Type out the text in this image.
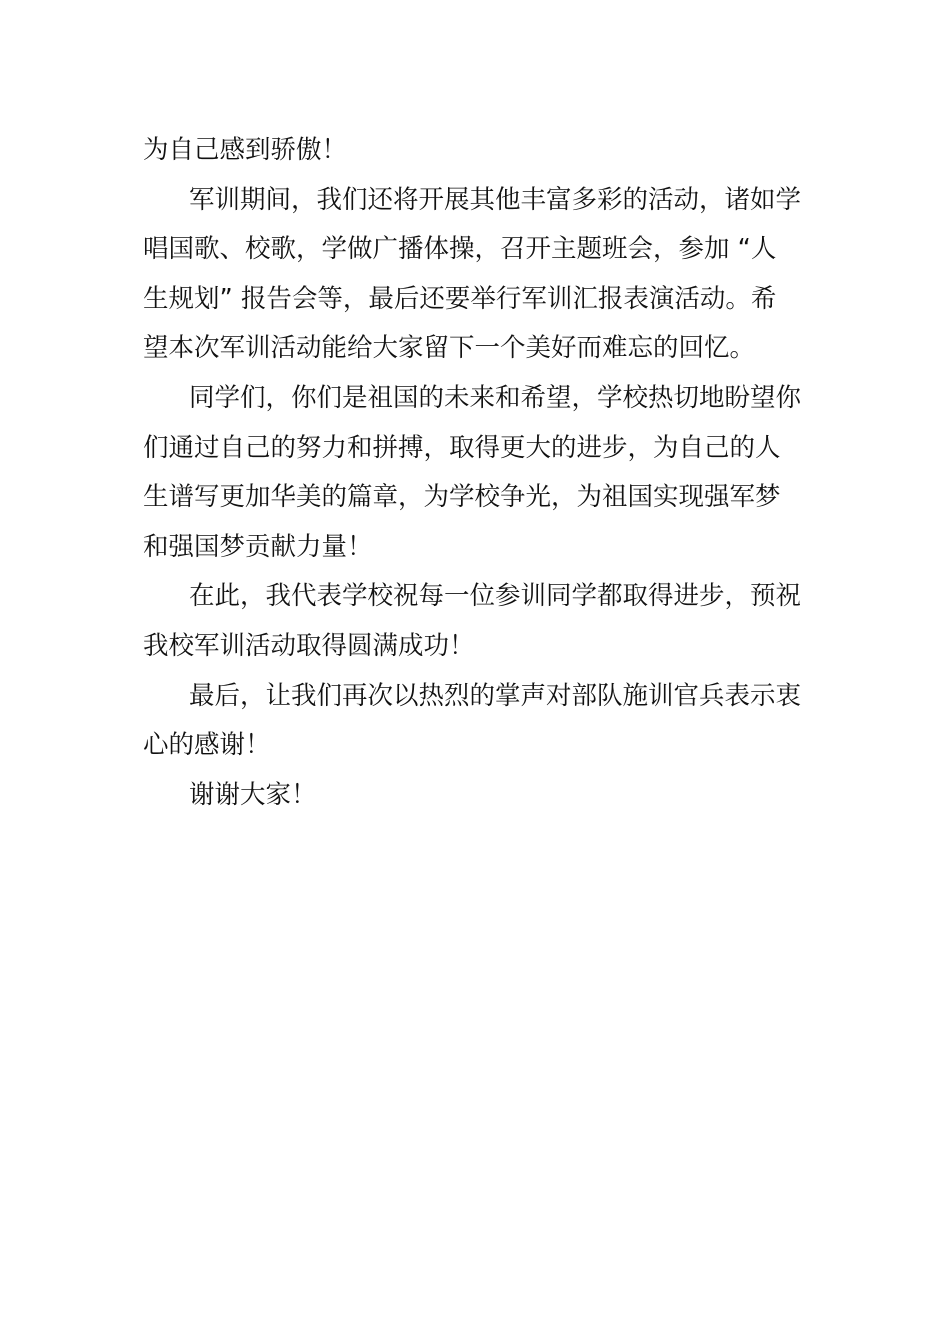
为自己感到骄傲！
军训期间，我们还将开展其他丰富多彩的活动，诸如学
唱国歌、校歌，学做广播体操，召开主题班会，参加 “人
生规划” 报告会等，最后还要举行军训汇报表演活动。希
望本次军训活动能给大家留下一个美好而难忘的回忆。
同学们，你们是祖国的未来和希望，学校热切地盼望你
们通过自己的努力和拼搏，取得更大的进步，为自己的人
生谱写更加华美的篇章，为学校争光，为祖国实现强军梦
和强国梦贡献力量！
在此，我代表学校祝每一位参训同学都取得进步，预祝
我校军训活动取得圆满成功！
最后，让我们再次以热烈的掌声对部队施训官兵表示衷
心的感谢！
谢谢大家！
